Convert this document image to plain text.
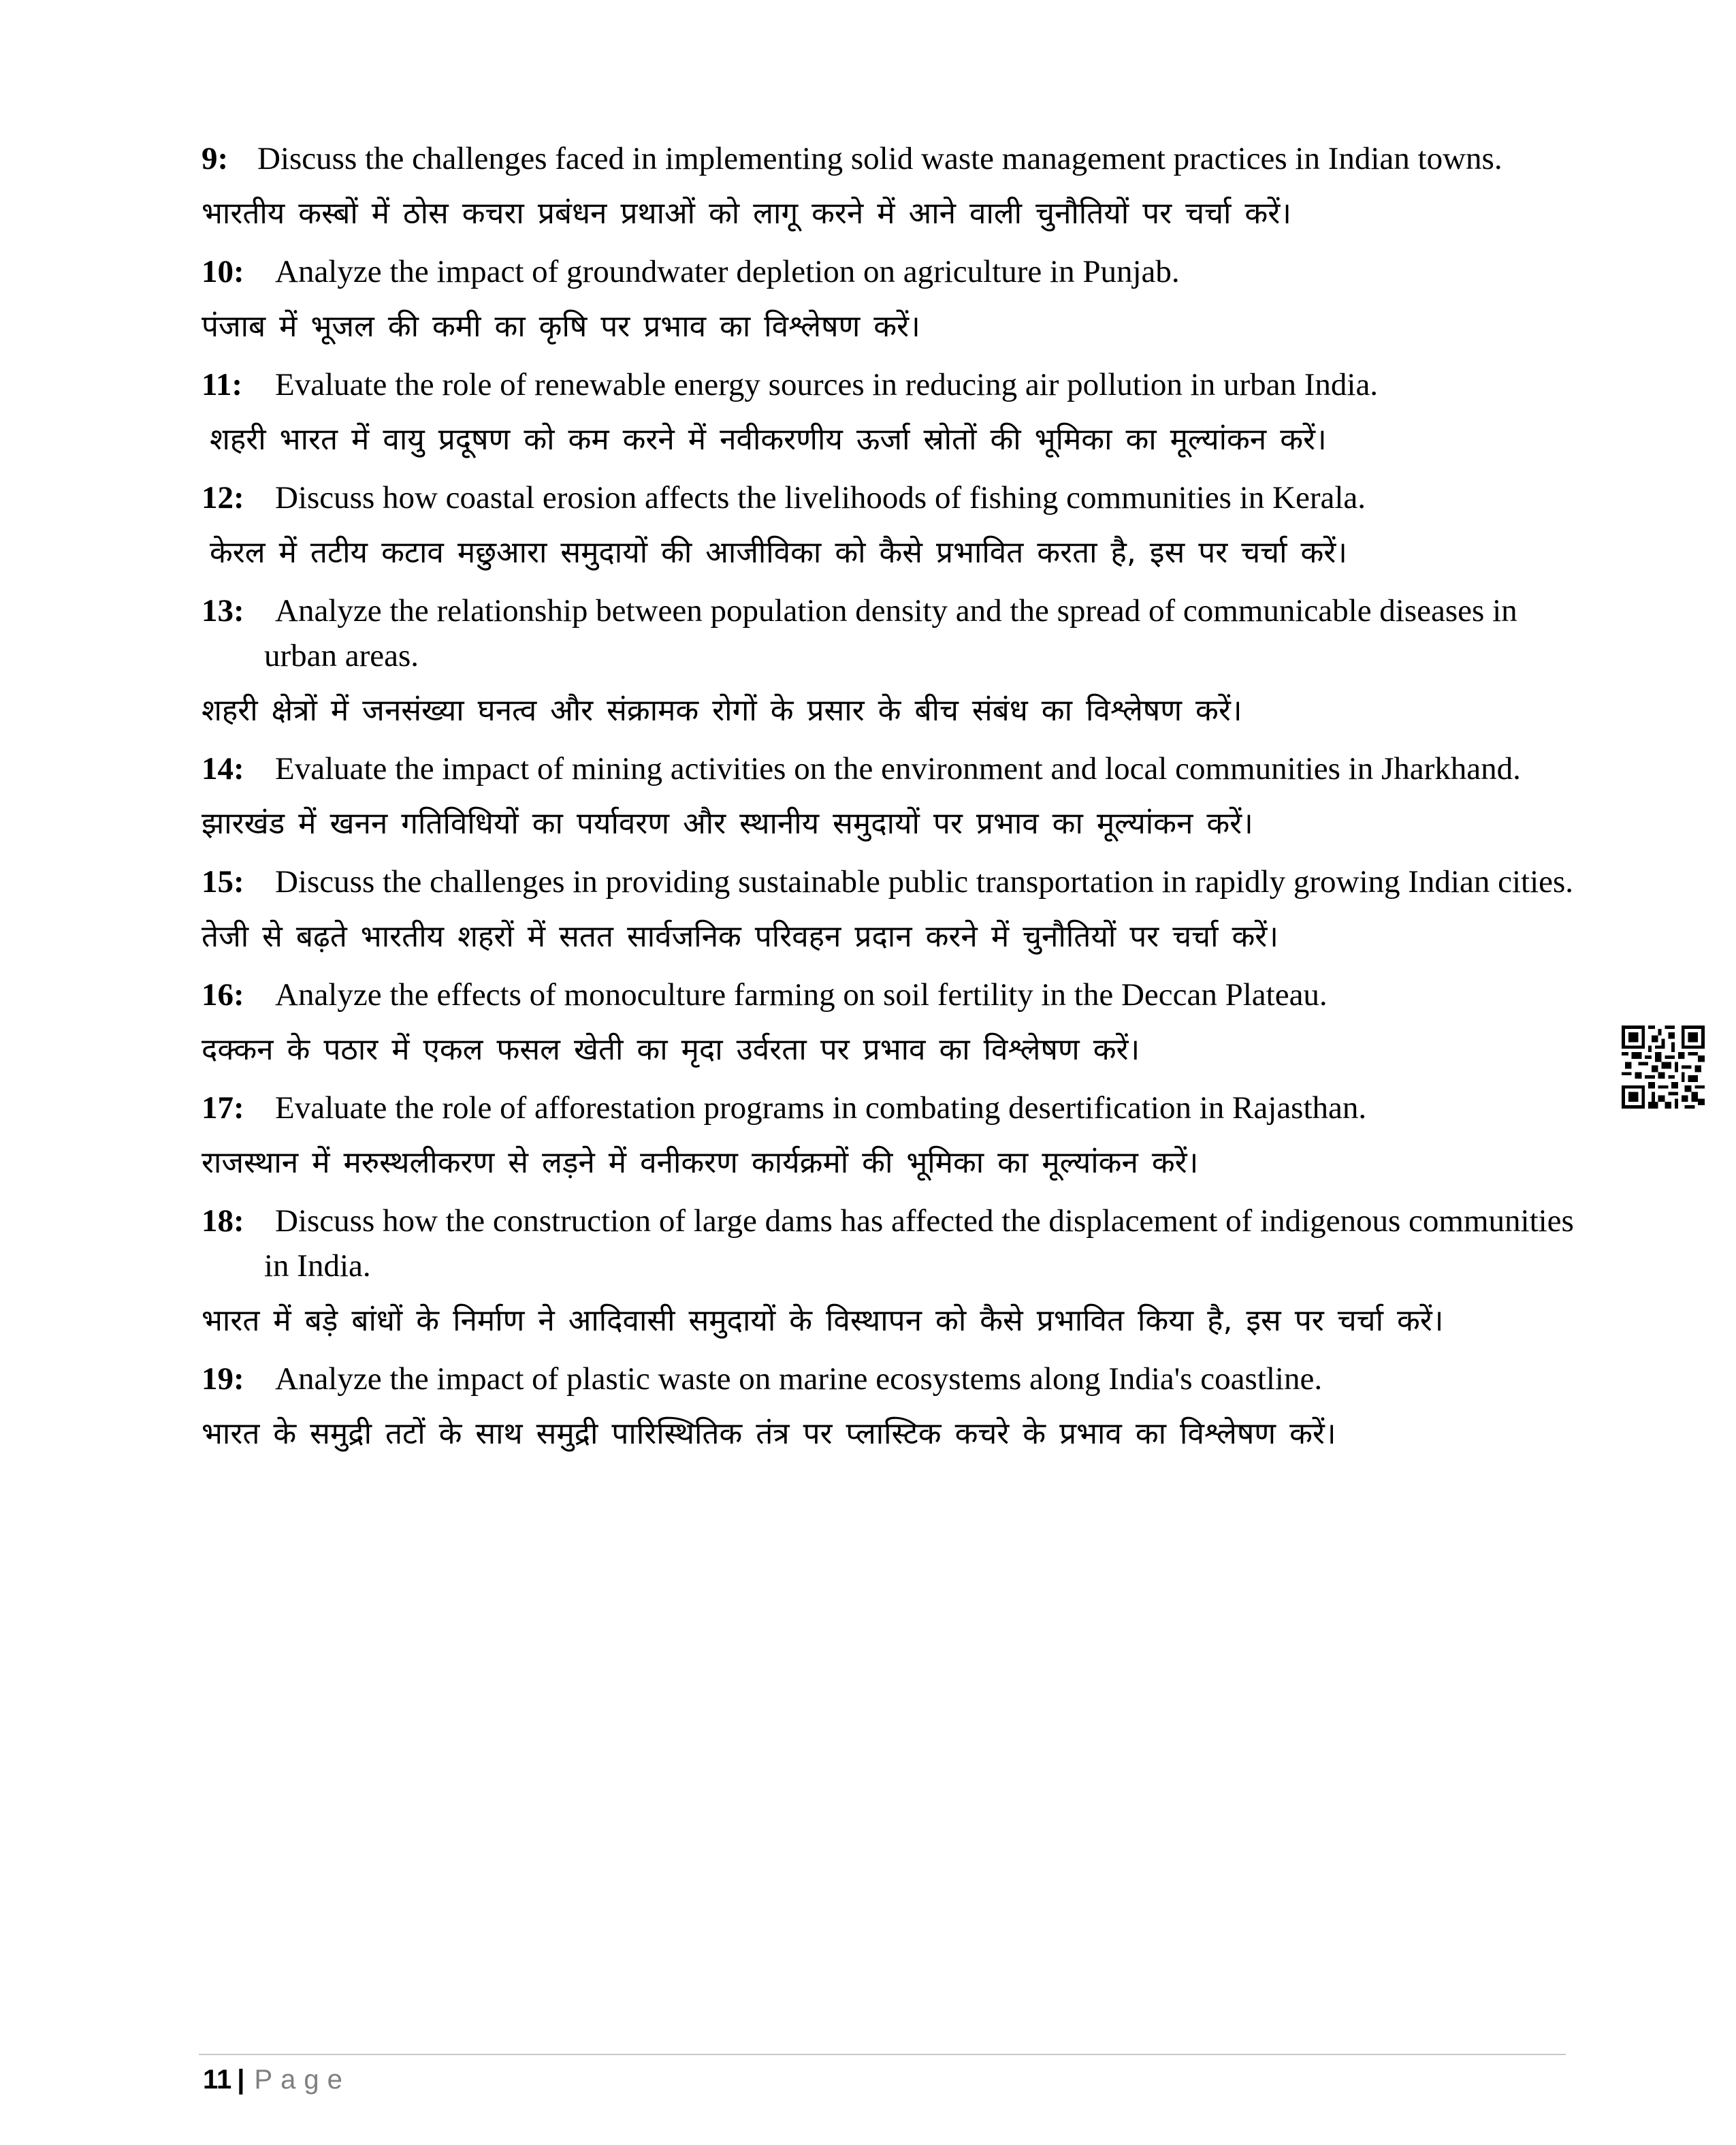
9: Discuss the challenges faced in implementing solid waste management practices in Indian towns.

भारतीय कस्बों में ठोस कचरा प्रबंधन प्रथाओं को लागू करने में आने वाली चुनौतियों पर चर्चा करें।

10: Analyze the impact of groundwater depletion on agriculture in Punjab.

पंजाब में भूजल की कमी का कृषि पर प्रभाव का विश्लेषण करें।

11: Evaluate the role of renewable energy sources in reducing air pollution in urban India.

शहरी भारत में वायु प्रदूषण को कम करने में नवीकरणीय ऊर्जा स्रोतों की भूमिका का मूल्यांकन करें।

12: Discuss how coastal erosion affects the livelihoods of fishing communities in Kerala.

केरल में तटीय कटाव मछुआरा समुदायों की आजीविका को कैसे प्रभावित करता है, इस पर चर्चा करें।

13: Analyze the relationship between population density and the spread of communicable diseases in urban areas.

शहरी क्षेत्रों में जनसंख्या घनत्व और संक्रामक रोगों के प्रसार के बीच संबंध का विश्लेषण करें।

14: Evaluate the impact of mining activities on the environment and local communities in Jharkhand.

झारखंड में खनन गतिविधियों का पर्यावरण और स्थानीय समुदायों पर प्रभाव का मूल्यांकन करें।

15: Discuss the challenges in providing sustainable public transportation in rapidly growing Indian cities.

तेजी से बढ़ते भारतीय शहरों में सतत सार्वजनिक परिवहन प्रदान करने में चुनौतियों पर चर्चा करें।

16: Analyze the effects of monoculture farming on soil fertility in the Deccan Plateau.

दक्कन के पठार में एकल फसल खेती का मृदा उर्वरता पर प्रभाव का विश्लेषण करें।

17: Evaluate the role of afforestation programs in combating desertification in Rajasthan.

राजस्थान में मरुस्थलीकरण से लड़ने में वनीकरण कार्यक्रमों की भूमिका का मूल्यांकन करें।

18: Discuss how the construction of large dams has affected the displacement of indigenous communities in India.

भारत में बड़े बांधों के निर्माण ने आदिवासी समुदायों के विस्थापन को कैसे प्रभावित किया है, इस पर चर्चा करें।

19: Analyze the impact of plastic waste on marine ecosystems along India's coastline.

भारत के समुद्री तटों के साथ समुद्री पारिस्थितिक तंत्र पर प्लास्टिक कचरे के प्रभाव का विश्लेषण करें।

11 | Page
